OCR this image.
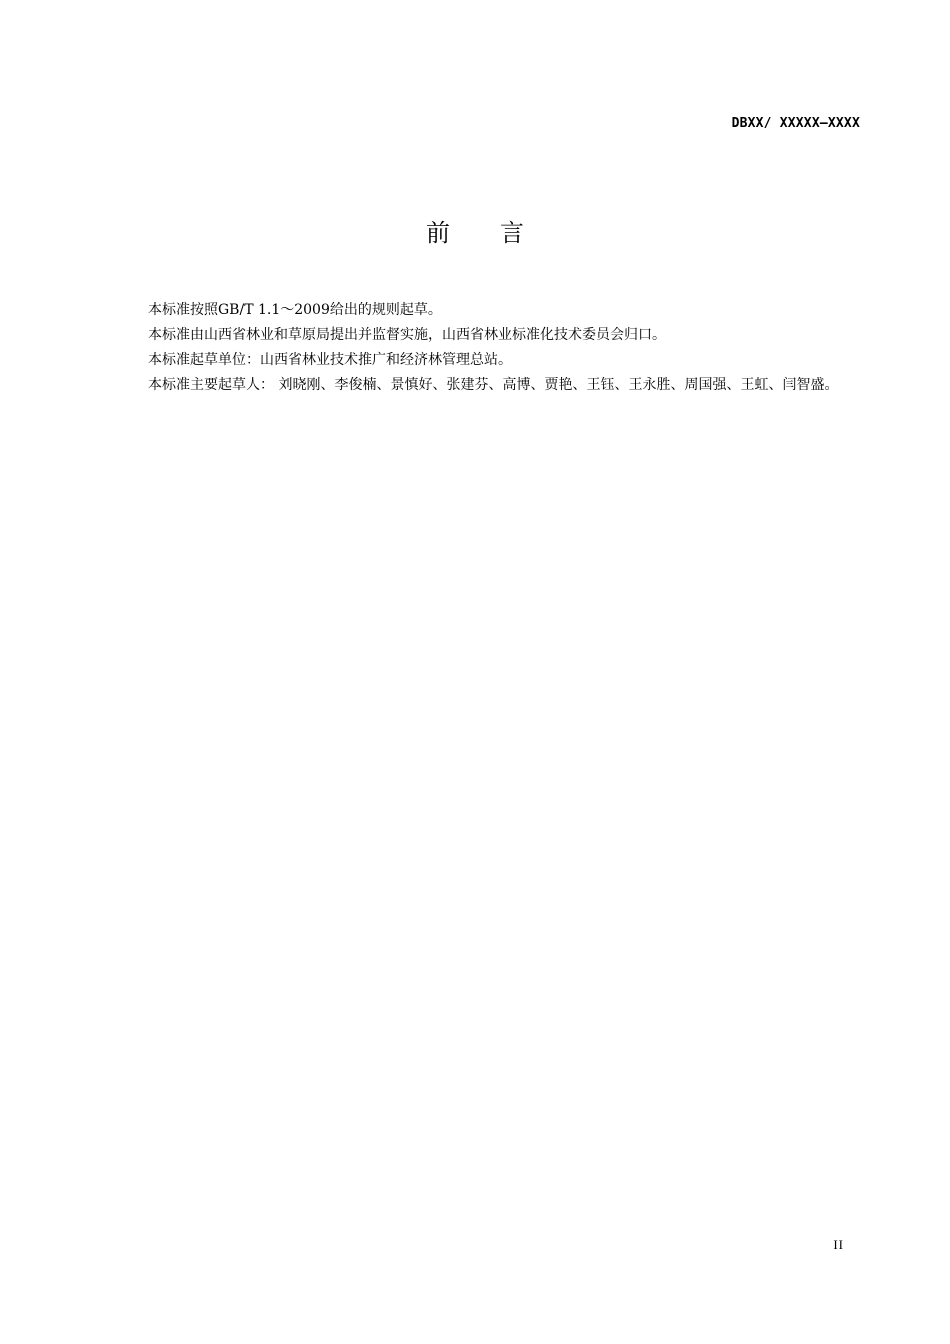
DBXX/ XXXXX—XXXX
前言

本标准按照GB/T 1.1～2009给出的规则起草。

本标准由山西省林业和草原局提出并监督实施，山西省林业标准化技术委员会归口。

本标准起草单位：山西省林业技术推广和经济林管理总站。

本标准主要起草人： 刘晓刚、李俊楠、景慎好、张建芬、高博、贾艳、王钰、王永胜、周国强、王虹、闫智盛。

II
